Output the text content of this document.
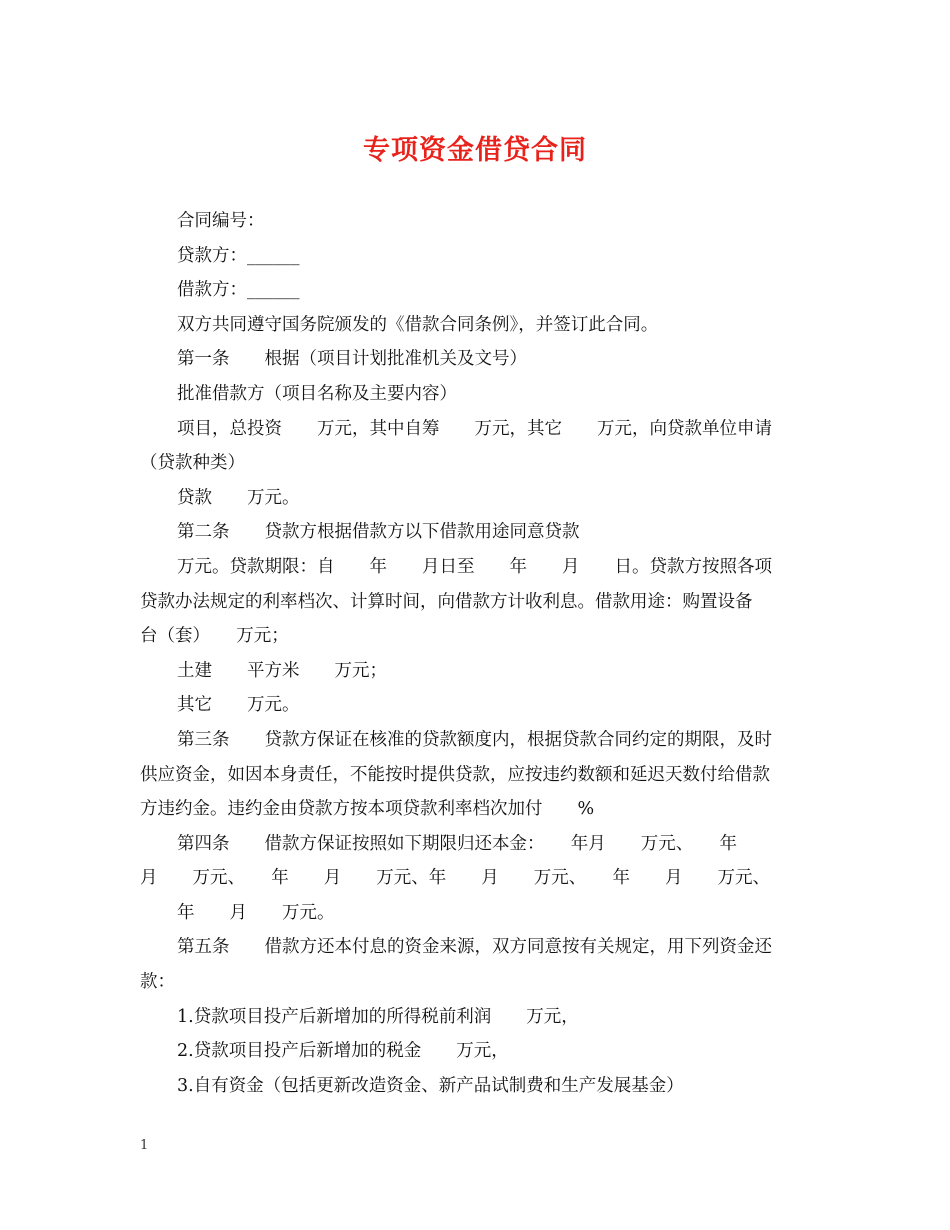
专项资金借贷合同

合同编号：

贷款方：______

借款方：______

双方共同遵守国务院颁发的《借款合同条例》，并签订此合同。

第一条　　根据（项目计划批准机关及文号）

批准借款方（项目名称及主要内容）

项目，总投资　　万元，其中自筹　　万元，其它　　万元，向贷款单位申请

（贷款种类）

贷款　　万元。

第二条　　贷款方根据借款方以下借款用途同意贷款

万元。贷款期限：自　　年　　月日至　　年　　月　　日。贷款方按照各项

贷款办法规定的利率档次、计算时间，向借款方计收利息。借款用途：购置设备

台（套）　　万元；

土建　　平方米　　万元；

其它　　万元。

第三条　　贷款方保证在核准的贷款额度内，根据贷款合同约定的期限，及时

供应资金，如因本身责任，不能按时提供贷款，应按违约数额和延迟天数付给借款

方违约金。违约金由贷款方按本项贷款利率档次加付　　%

第四条　　借款方保证按照如下期限归还本金：　　年月　　万元、　　年

月　　万元、　　年　　月　　万元、年　　月　　万元、　　年　　月　　万元、

年　　月　　万元。

第五条　　借款方还本付息的资金来源，双方同意按有关规定，用下列资金还

款：

1.贷款项目投产后新增加的所得税前利润　　万元，

2.贷款项目投产后新增加的税金　　万元，

3.自有资金（包括更新改造资金、新产品试制费和生产发展基金）

1
